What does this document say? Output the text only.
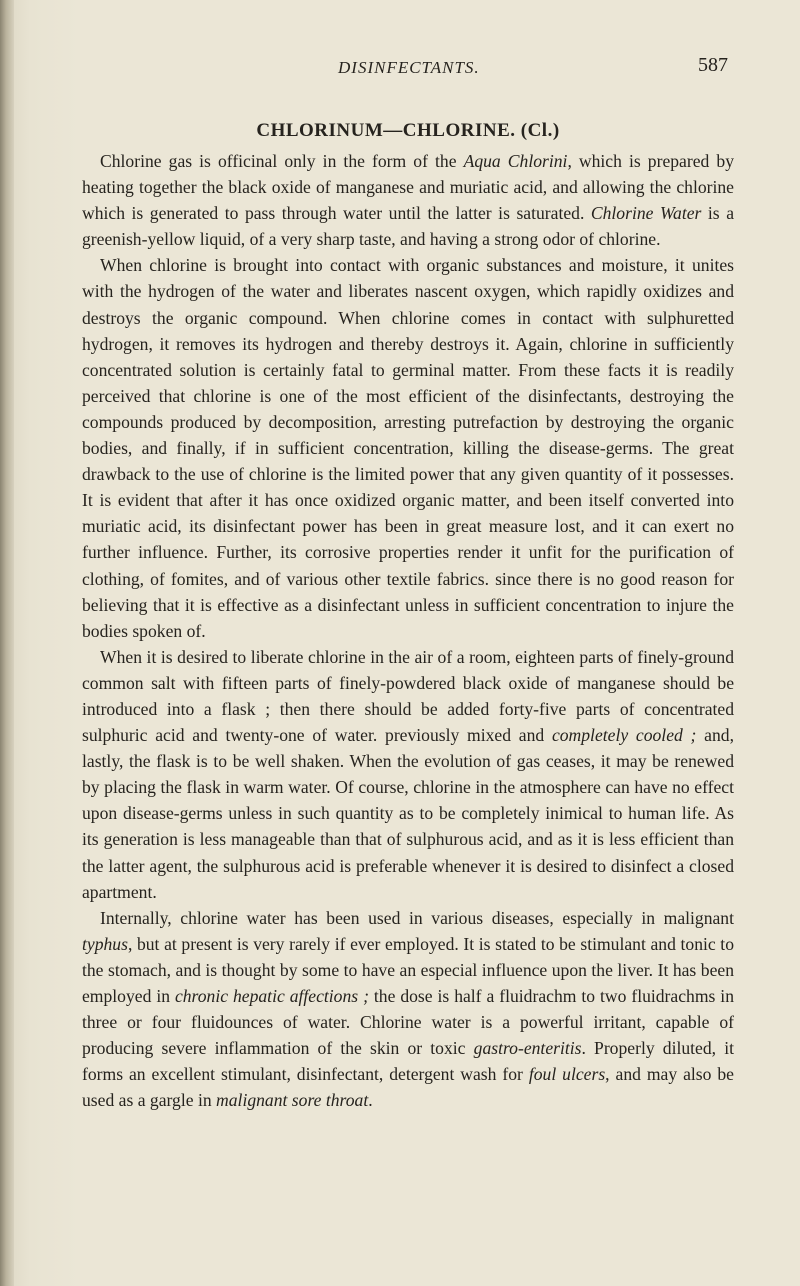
DISINFECTANTS.	587
CHLORINUM—CHLORINE. (Cl.)

Chlorine gas is officinal only in the form of the Aqua Chlorini, which is prepared by heating together the black oxide of manganese and muriatic acid, and allowing the chlorine which is generated to pass through water until the latter is saturated. Chlorine Water is a greenish-yellow liquid, of a very sharp taste, and having a strong odor of chlorine.

When chlorine is brought into contact with organic substances and moisture, it unites with the hydrogen of the water and liberates nascent oxygen, which rapidly oxidizes and destroys the organic compound. When chlorine comes in contact with sulphuretted hydrogen, it removes its hydrogen and thereby destroys it. Again, chlorine in sufficiently concentrated solution is certainly fatal to germinal matter. From these facts it is readily perceived that chlorine is one of the most efficient of the disinfectants, destroying the compounds produced by decomposition, arresting putrefaction by destroying the organic bodies, and finally, if in sufficient concentration, killing the disease-germs. The great drawback to the use of chlorine is the limited power that any given quantity of it possesses. It is evident that after it has once oxidized organic matter, and been itself converted into muriatic acid, its disinfectant power has been in great measure lost, and it can exert no further influence. Further, its corrosive properties render it unfit for the purification of clothing, of fomites, and of various other textile fabrics. since there is no good reason for believing that it is effective as a disinfectant unless in sufficient concentration to injure the bodies spoken of.

When it is desired to liberate chlorine in the air of a room, eighteen parts of finely-ground common salt with fifteen parts of finely-powdered black oxide of manganese should be introduced into a flask ; then there should be added forty-five parts of concentrated sulphuric acid and twenty-one of water. previously mixed and completely cooled ; and, lastly, the flask is to be well shaken. When the evolution of gas ceases, it may be renewed by placing the flask in warm water. Of course, chlorine in the atmosphere can have no effect upon disease-germs unless in such quantity as to be completely inimical to human life. As its generation is less manageable than that of sulphurous acid, and as it is less efficient than the latter agent, the sulphurous acid is preferable whenever it is desired to disinfect a closed apartment.

Internally, chlorine water has been used in various diseases, especially in malignant typhus, but at present is very rarely if ever employed. It is stated to be stimulant and tonic to the stomach, and is thought by some to have an especial influence upon the liver. It has been employed in chronic hepatic affections ; the dose is half a fluidrachm to two fluidrachms in three or four fluidounces of water. Chlorine water is a powerful irritant, capable of producing severe inflammation of the skin or toxic gastro-enteritis. Properly diluted, it forms an excellent stimulant, disinfectant, detergent wash for foul ulcers, and may also be used as a gargle in malignant sore throat.
